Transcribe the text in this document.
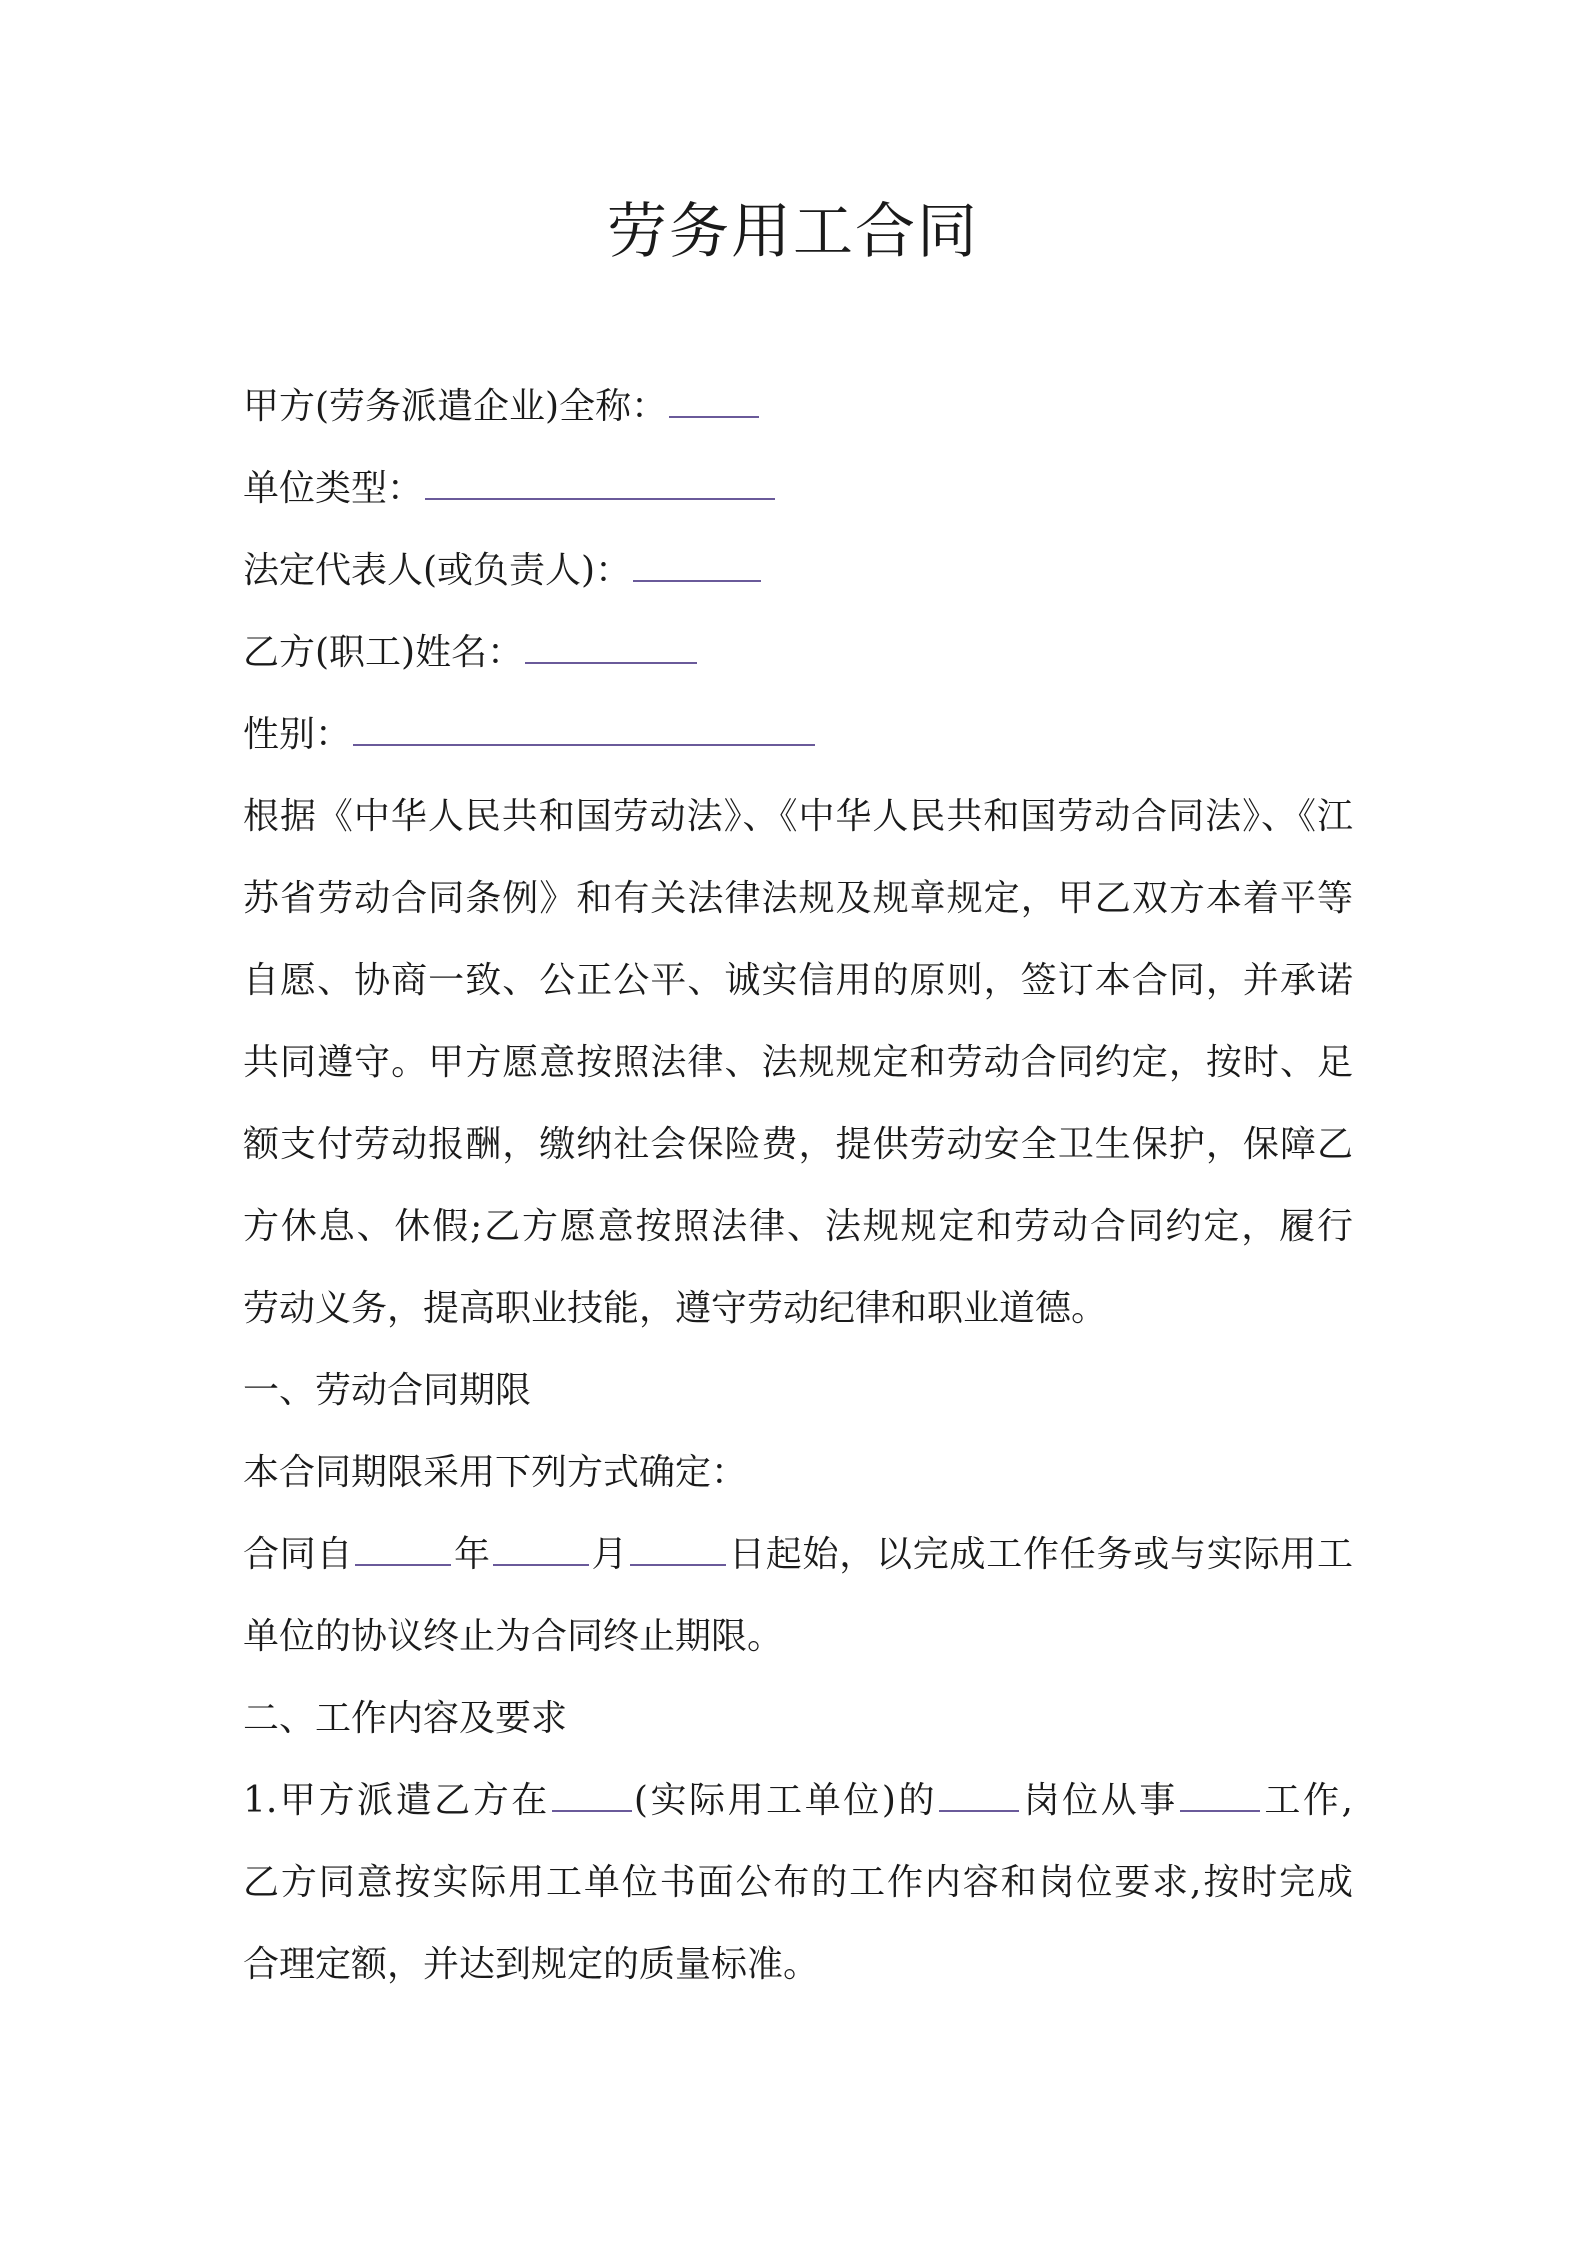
劳务用工合同
甲方(劳务派遣企业)全称：
单位类型：
法定代表人(或负责人)：
乙方(职工)姓名：
性别：
根据《中华人民共和国劳动法》、《中华人民共和国劳动合同法》、《江
苏省劳动合同条例》和有关法律法规及规章规定，甲乙双方本着平等
自愿、协商一致、公正公平、诚实信用的原则，签订本合同，并承诺
共同遵守。甲方愿意按照法律、法规规定和劳动合同约定，按时、足
额支付劳动报酬，缴纳社会保险费，提供劳动安全卫生保护，保障乙
方休息、休假;乙方愿意按照法律、法规规定和劳动合同约定，履行
劳动义务，提高职业技能，遵守劳动纪律和职业道德。
一、劳动合同期限
本合同期限采用下列方式确定：
合同自	年	月	日起始，以完成工作任务或与实际用工
单位的协议终止为合同终止期限。
二、工作内容及要求
1.甲方派遣乙方在 (实际用工单位)的 岗位从事 工作,
乙方同意按实际用工单位书面公布的工作内容和岗位要求,按时完成
合理定额，并达到规定的质量标准。
